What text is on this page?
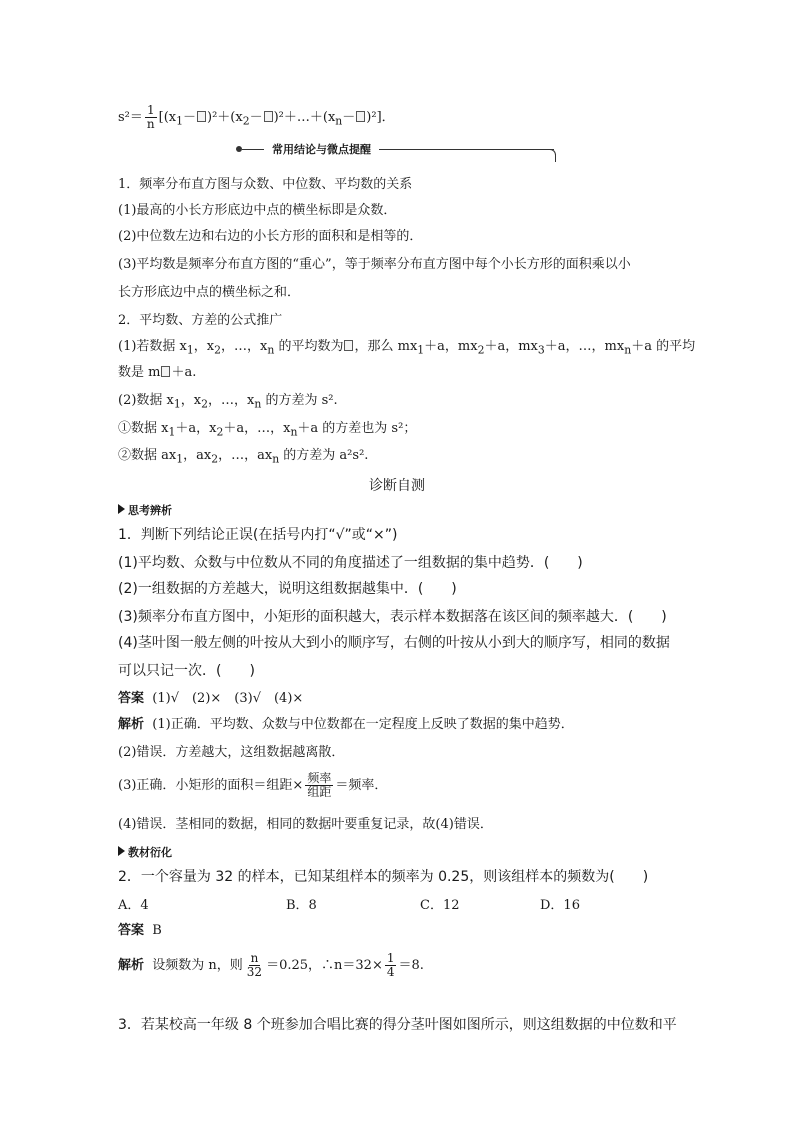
$s^2= \frac{1}{n} [(x_1- )^2+(x_2-$ )$^2+\dots+(x_n- )^2$]．
常用结论与微点提醒
1．频率分布直方图与众数、中位数、平均数的关系
(1)最高的小长方形底边中点的横坐标即是众数．
(2)中位数左边和右边的小长方形的面积和是相等的．
(3)平均数是频率分布直方图的“重心”，等于频率分布直方图中每个小长方形的面积乘以小
长方形底边中点的横坐标之和．
2．平均数、方差的公式推广
(1)若数据 $x_1$，$x_2$，…，$x_n$ 的平均数为 ，那么 $mx_1+a$，$mx_2+a$，$mx_3+a$，…，$mx_n+a$ 的平均
数是 m ＋a.
(2)数据 $x_1$，$x_2$，…，$x_n$ 的方差为 s².
①数据 $x_1+a$，$x_2+a$，…，$x_n+a$ 的方差也为 s²；
②数据 $ax_1$，$ax_2$，…，$ax_n$ 的方差为 a²s².
诊断自测
思考辨析
1．判断下列结论正误(在括号内打“√”或“×”)
(1)平均数、众数与中位数从不同的角度描述了一组数据的集中趋势．(　　)
(2)一组数据的方差越大，说明这组数据越集中．(　　)
(3)频率分布直方图中，小矩形的面积越大，表示样本数据落在该区间的频率越大．(　　)
(4)茎叶图一般左侧的叶按从大到小的顺序写，右侧的叶按从小到大的顺序写，相同的数据
可以只记一次．(　　)
答案 (1)√　(2)×　(3)√　(4)×
解析 (1)正确．平均数、众数与中位数都在一定程度上反映了数据的集中趋势．
(2)错误．方差越大，这组数据越离散．
(3)正确．小矩形的面积＝组距× $\frac{\text{频率}}{\text{组距}}$ ＝频率．
(4)错误．茎相同的数据，相同的数据叶要重复记录，故(4)错误．
教材衍化
2．一个容量为 32 的样本，已知某组样本的频率为 0.25，则该组样本的频数为(　　)
A．4	B．8	C．12	D．16
答案 B
解析 设频数为 n，则 $\frac{n}{32} =0.25$，∴n＝32× $\frac{1}{4} =8$.
3．若某校高一年级 8 个班参加合唱比赛的得分茎叶图如图所示，则这组数据的中位数和平
